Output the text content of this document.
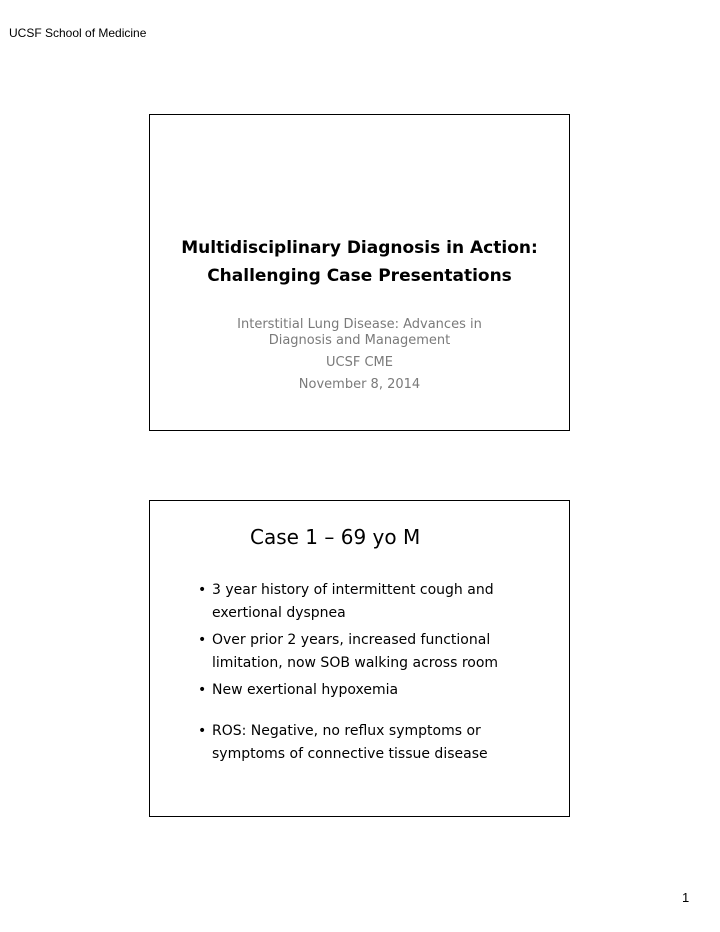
UCSF School of Medicine
Multidisciplinary Diagnosis in Action:
Challenging Case Presentations
Interstitial Lung Disease: Advances in
Diagnosis and Management
UCSF CME
November 8, 2014
Case 1 – 69 yo M
• 3 year history of intermittent cough and
exertional dyspnea
• Over prior 2 years, increased functional
limitation, now SOB walking across room
• New exertional hypoxemia
• ROS: Negative, no reflux symptoms or
symptoms of connective tissue disease
1
